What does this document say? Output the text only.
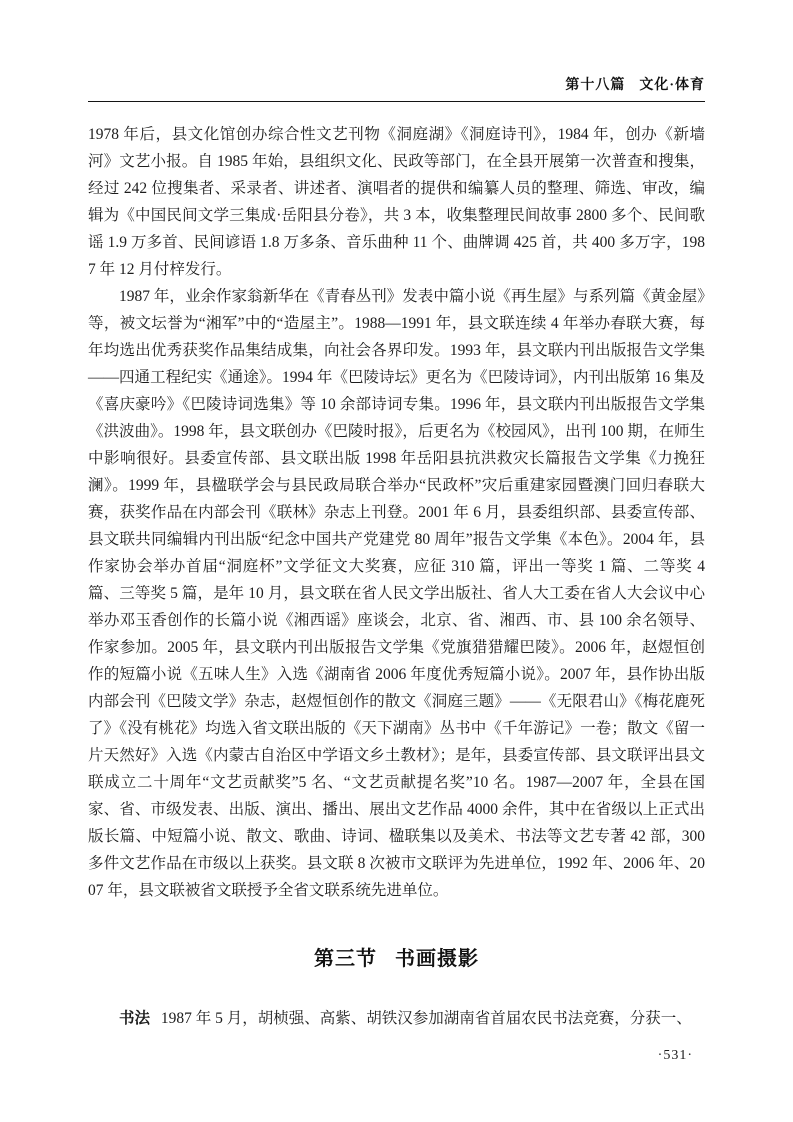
第十八篇 文化·体育

1978 年后，县文化馆创办综合性文艺刊物《洞庭湖》《洞庭诗刊》，1984 年，创办《新墙河》文艺小报。自 1985 年始，县组织文化、民政等部门，在全县开展第一次普查和搜集，经过 242 位搜集者、采录者、讲述者、演唱者的提供和编纂人员的整理、筛选、审改，编辑为《中国民间文学三集成·岳阳县分卷》，共 3 本，收集整理民间故事 2800 多个、民间歌谣 1.9 万多首、民间谚语 1.8 万多条、音乐曲种 11 个、曲牌调 425 首，共 400 多万字，1987 年 12 月付梓发行。

1987 年，业余作家翁新华在《青春丛刊》发表中篇小说《再生屋》与系列篇《黄金屋》等，被文坛誉为“湘军”中的“造屋主”。1988—1991 年，县文联连续 4 年举办春联大赛，每年均选出优秀获奖作品集结成集，向社会各界印发。1993 年，县文联内刊出版报告文学集——四通工程纪实《通途》。1994 年《巴陵诗坛》更名为《巴陵诗词》，内刊出版第 16 集及《喜庆豪吟》《巴陵诗词选集》等 10 余部诗词专集。1996 年，县文联内刊出版报告文学集《洪波曲》。1998 年，县文联创办《巴陵时报》，后更名为《校园风》，出刊 100 期，在师生中影响很好。县委宣传部、县文联出版 1998 年岳阳县抗洪救灾长篇报告文学集《力挽狂澜》。1999 年，县楹联学会与县民政局联合举办“民政杯”灾后重建家园暨澳门回归春联大赛，获奖作品在内部会刊《联林》杂志上刊登。2001 年 6 月，县委组织部、县委宣传部、县文联共同编辑内刊出版“纪念中国共产党建党 80 周年”报告文学集《本色》。2004 年，县作家协会举办首届“洞庭杯”文学征文大奖赛，应征 310 篇，评出一等奖 1 篇、二等奖 4 篇、三等奖 5 篇，是年 10 月，县文联在省人民文学出版社、省人大工委在省人大会议中心举办邓玉香创作的长篇小说《湘西谣》座谈会，北京、省、湘西、市、县 100 余名领导、作家参加。2005 年，县文联内刊出版报告文学集《党旗猎猎耀巴陵》。2006 年，赵煜恒创作的短篇小说《五味人生》入选《湖南省 2006 年度优秀短篇小说》。2007 年，县作协出版内部会刊《巴陵文学》杂志，赵煜恒创作的散文《洞庭三题》——《无限君山》《梅花鹿死了》《没有桃花》均选入省文联出版的《天下湖南》丛书中《千年游记》一卷；散文《留一片天然好》入选《内蒙古自治区中学语文乡土教材》；是年，县委宣传部、县文联评出县文联成立二十周年“文艺贡献奖”5 名、“文艺贡献提名奖”10 名。1987—2007 年，全县在国家、省、市级发表、出版、演出、播出、展出文艺作品 4000 余件，其中在省级以上正式出版长篇、中短篇小说、散文、歌曲、诗词、楹联集以及美术、书法等文艺专著 42 部，300 多件文艺作品在市级以上获奖。县文联 8 次被市文联评为先进单位，1992 年、2006 年、2007 年，县文联被省文联授予全省文联系统先进单位。

第三节 书画摄影

书法 1987 年 5 月，胡桢强、高紫、胡铁汉参加湖南省首届农民书法竞赛，分获一、

·531·
